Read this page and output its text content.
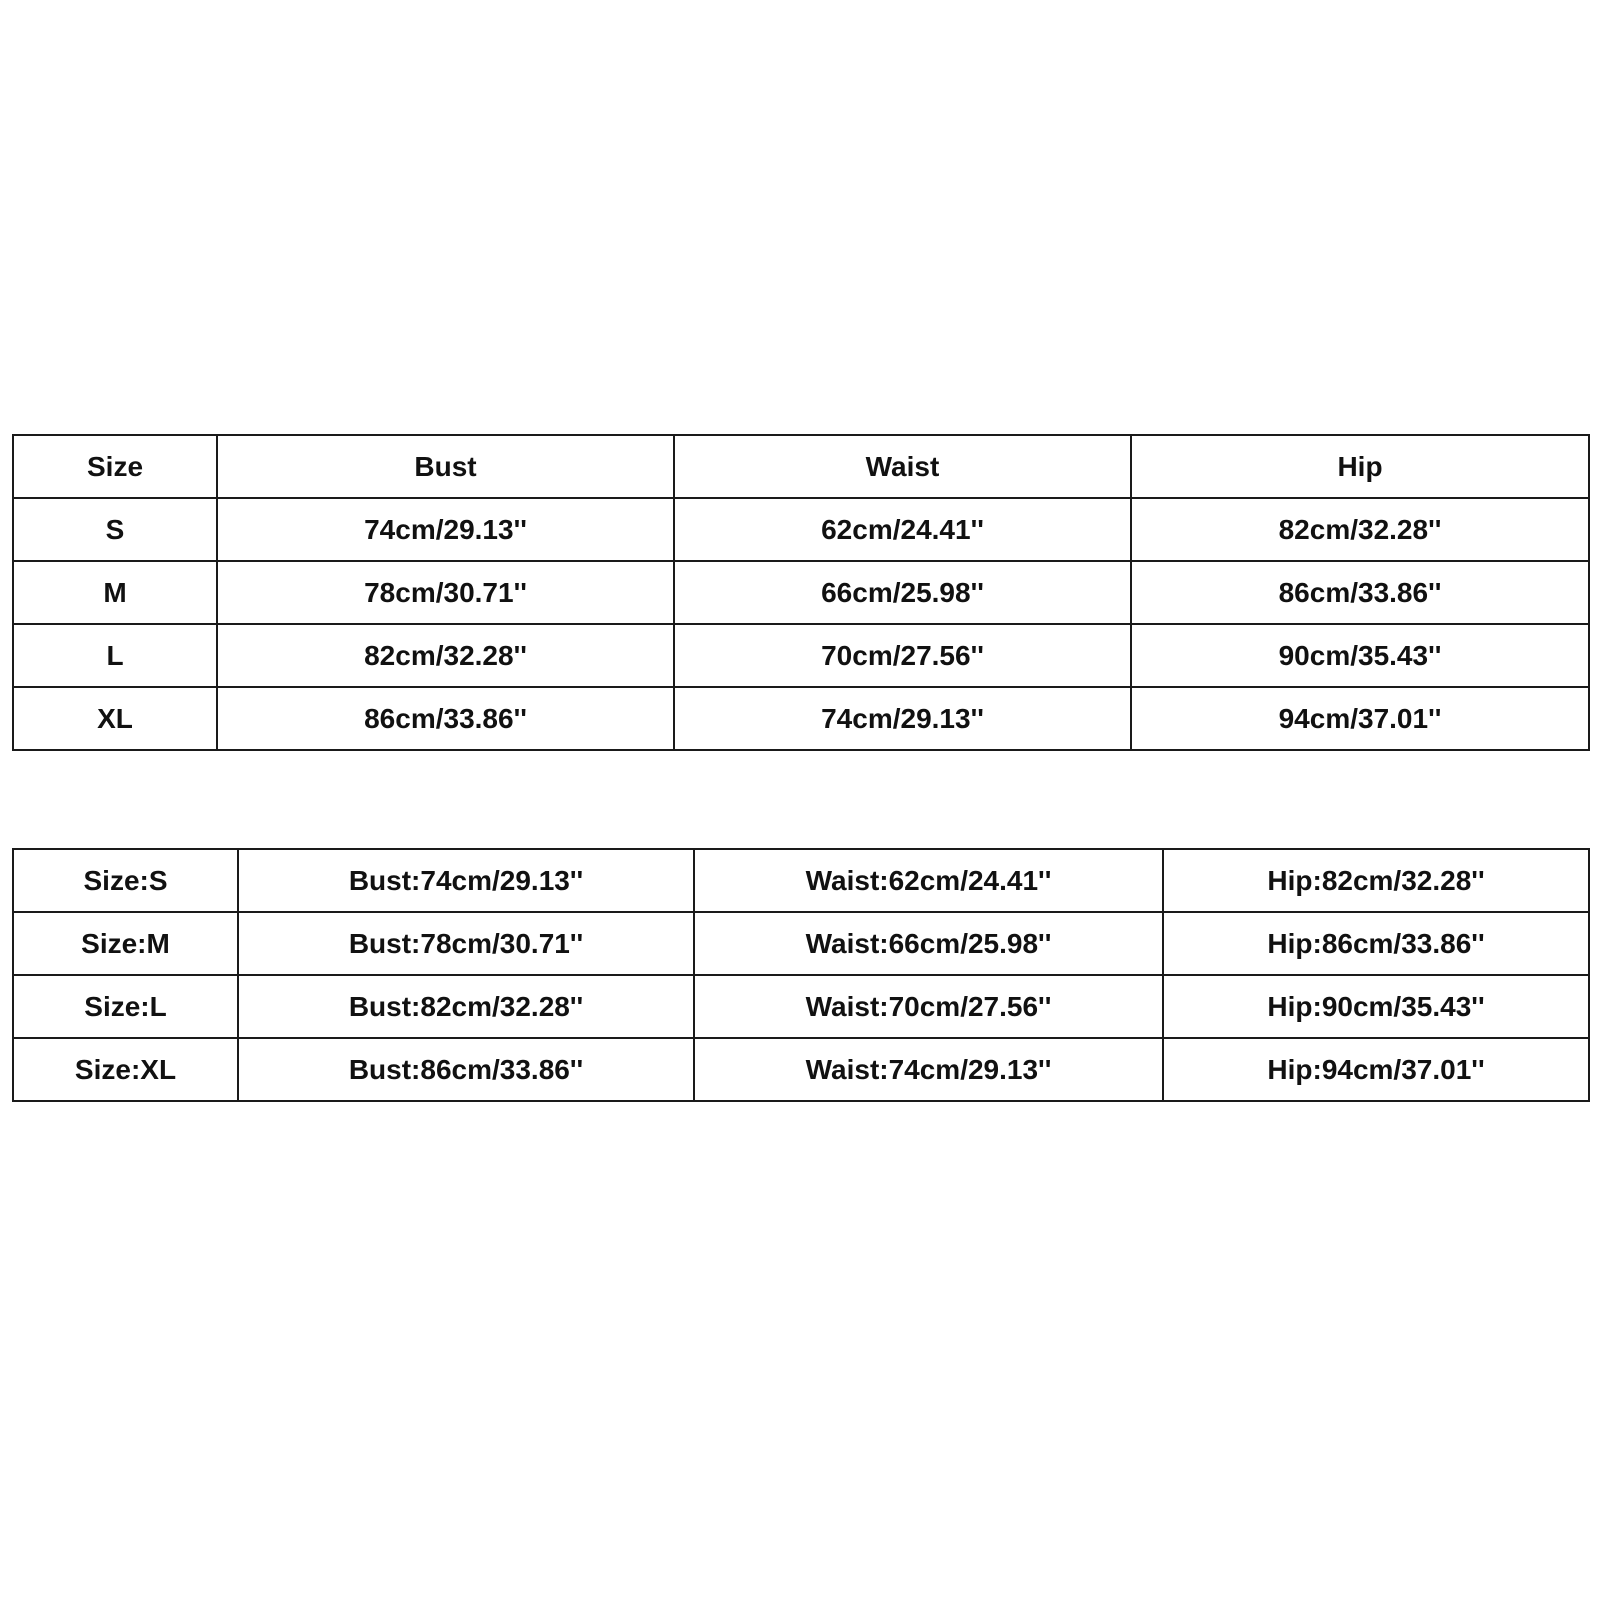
Size	Bust	Waist	Hip
S	74cm/29.13''	62cm/24.41''	82cm/32.28''
M	78cm/30.71''	66cm/25.98''	86cm/33.86''
L	82cm/32.28''	70cm/27.56''	90cm/35.43''
XL	86cm/33.86''	74cm/29.13''	94cm/37.01''
Size:S	Bust:74cm/29.13''	Waist:62cm/24.41''	Hip:82cm/32.28''
Size:M	Bust:78cm/30.71''	Waist:66cm/25.98''	Hip:86cm/33.86''
Size:L	Bust:82cm/32.28''	Waist:70cm/27.56''	Hip:90cm/35.43''
Size:XL	Bust:86cm/33.86''	Waist:74cm/29.13''	Hip:94cm/37.01''
